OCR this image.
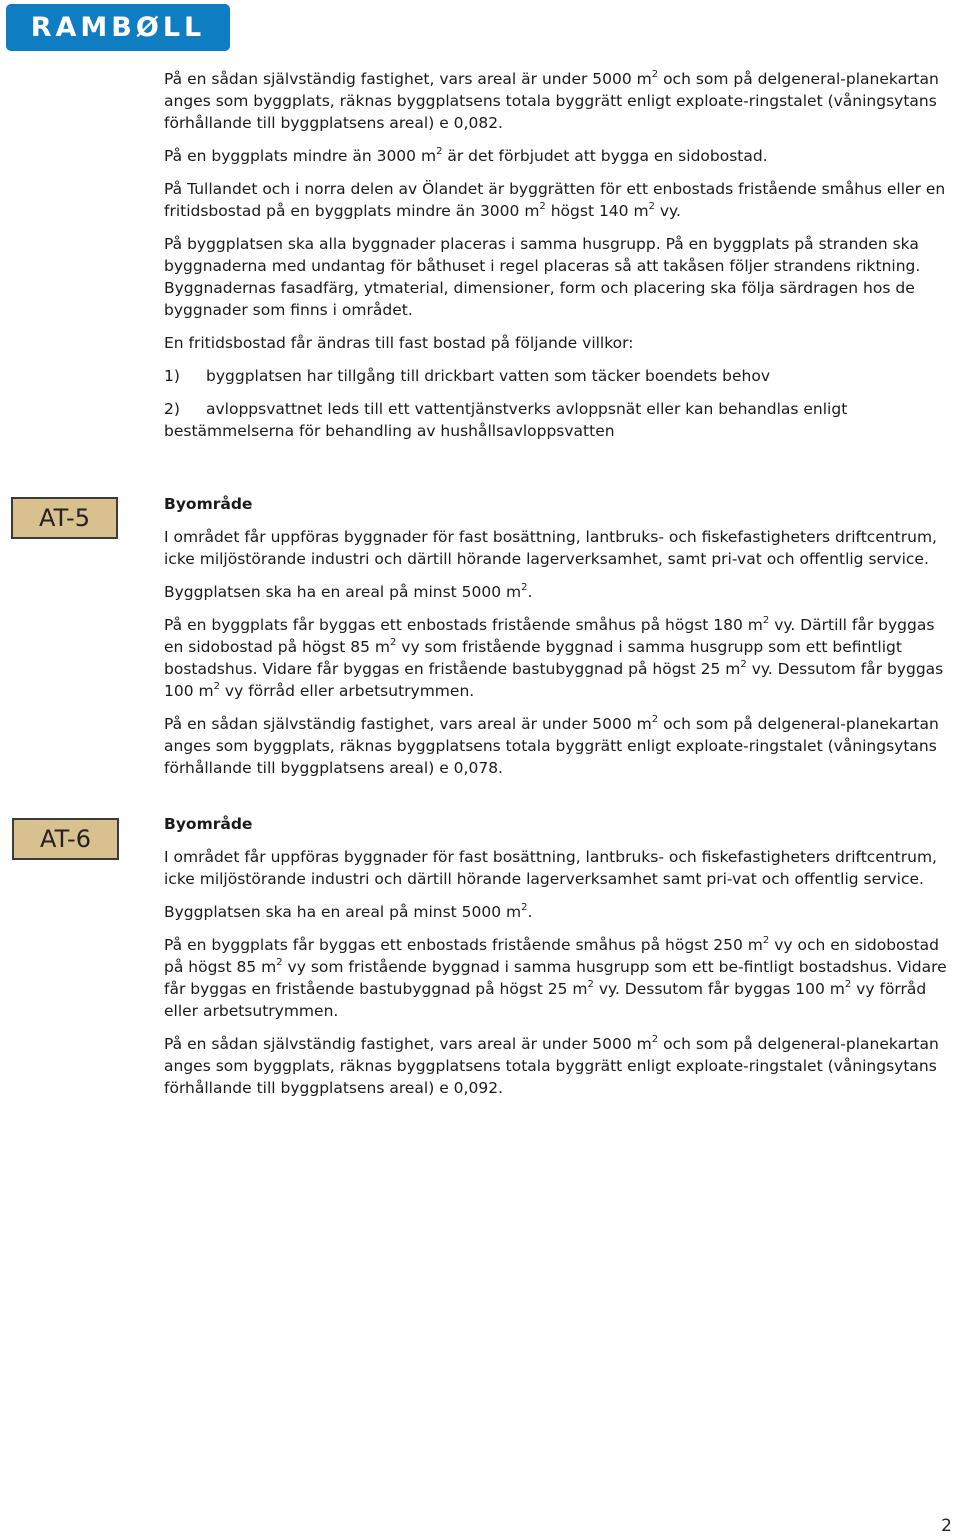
RAMBØLL

På en sådan självständig fastighet, vars areal är under 5000 $m^2$ och som på delgeneral-planekartan anges som byggplats, räknas byggplatsens totala byggrätt enligt exploate-ringstalet (våningsytans förhållande till byggplatsens areal) e 0,082.

På en byggplats mindre än 3000 $m^2$ är det förbjudet att bygga en sidobostad.

På Tullandet och i norra delen av Ölandet är byggrätten för ett enbostads fristående småhus eller en fritidsbostad på en byggplats mindre än 3000 $m^2$ högst 140 $m^2$ vy.

På byggplatsen ska alla byggnader placeras i samma husgrupp. På en byggplats på stranden ska byggnaderna med undantag för båthuset i regel placeras så att takåsen följer strandens riktning. Byggnadernas fasadfärg, ytmaterial, dimensioner, form och placering ska följa särdragen hos de byggnader som finns i området.

En fritidsbostad får ändras till fast bostad på följande villkor:

1)	byggplatsen har tillgång till drickbart vatten som täcker boendets behov
2) avloppsvattnet leds till ett vattentjänstverks avloppsnät eller kan behandlas enligt bestämmelserna för behandling av hushållsavloppsvatten
AT-5	Byområde

I området får uppföras byggnader för fast bosättning, lantbruks- och fiskefastigheters driftcentrum, icke miljöstörande industri och därtill hörande lagerverksamhet, samt pri-vat och offentlig service.

Byggplatsen ska ha en areal på minst 5000 $m^2$.

På en byggplats får byggas ett enbostads fristående småhus på högst 180 $m^2$ vy. Därtill får byggas en sidobostad på högst 85 $m^2$ vy som fristående byggnad i samma husgrupp som ett befintligt bostadshus. Vidare får byggas en fristående bastubyggnad på högst 25 $m^2$ vy. Dessutom får byggas 100 $m^2$ vy förråd eller arbetsutrymmen.

På en sådan självständig fastighet, vars areal är under 5000 $m^2$ och som på delgeneral-planekartan anges som byggplats, räknas byggplatsens totala byggrätt enligt exploate-ringstalet (våningsytans förhållande till byggplatsens areal) e 0,078.

AT-6

Byområde

I området får uppföras byggnader för fast bosättning, lantbruks- och fiskefastigheters driftcentrum, icke miljöstörande industri och därtill hörande lagerverksamhet samt pri-vat och offentlig service.

Byggplatsen ska ha en areal på minst 5000 $m^2$.

På en byggplats får byggas ett enbostads fristående småhus på högst 250 $m^2$ vy och en sidobostad på högst 85 $m^2$ vy som fristående byggnad i samma husgrupp som ett be-fintligt bostadshus. Vidare får byggas en fristående bastubyggnad på högst 25 $m^2$ vy. Dessutom får byggas 100 $m^2$ vy förråd eller arbetsutrymmen.

På en sådan självständig fastighet, vars areal är under 5000 $m^2$ och som på delgeneral-planekartan anges som byggplats, räknas byggplatsens totala byggrätt enligt exploate-ringstalet (våningsytans förhållande till byggplatsens areal) e 0,092.

2
